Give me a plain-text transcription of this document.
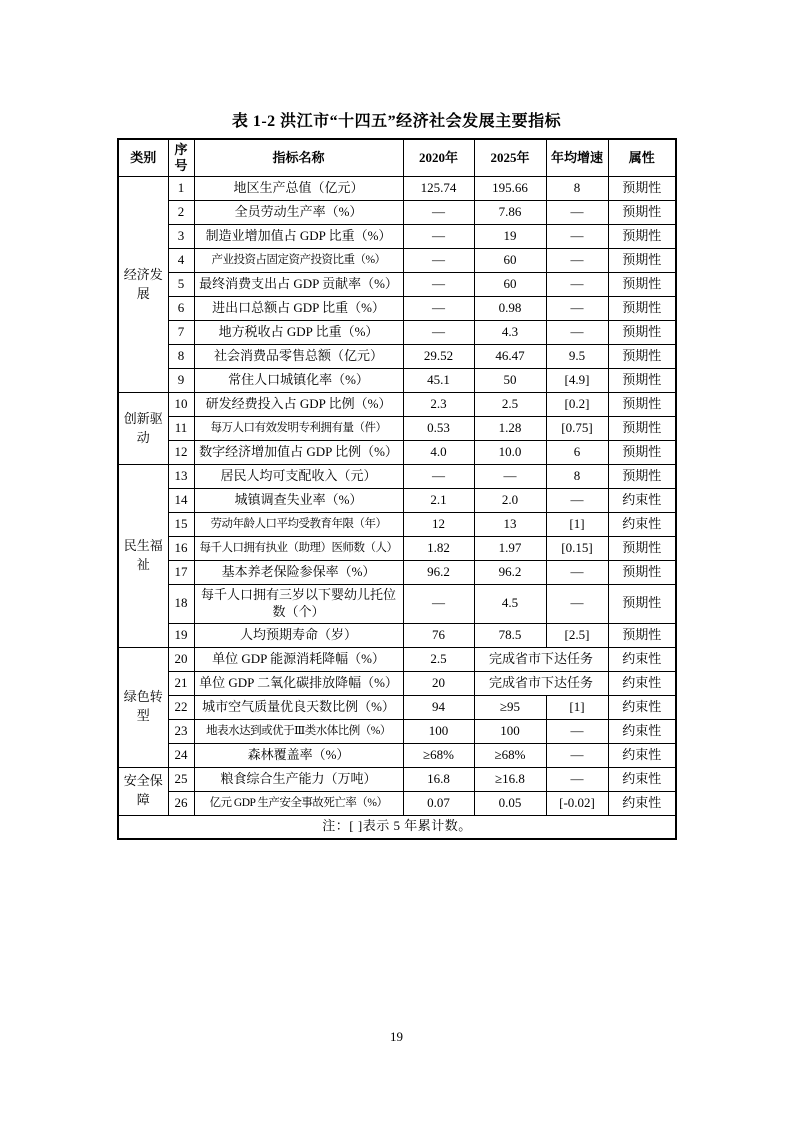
表 1-2 洪江市“十四五”经济社会发展主要指标
类别	序号	指标名称	2020年	2025年	年均增速	属性
经济发展	1	地区生产总值（亿元）	125.74	195.66	8	预期性
	2	全员劳动生产率（%）	—	7.86	—	预期性
	3	制造业增加值占 GDP 比重（%）	—	19	—	预期性
	4	产业投资占固定资产投资比重（%）	—	60	—	预期性
	5	最终消费支出占 GDP 贡献率（%）	—	60	—	预期性
	6	进出口总额占 GDP 比重（%）	—	0.98	—	预期性
	7	地方税收占 GDP 比重（%）	—	4.3	—	预期性
	8	社会消费品零售总额（亿元）	29.52	46.47	9.5	预期性
	9	常住人口城镇化率（%）	45.1	50	[4.9]	预期性
创新驱动	10	研发经费投入占 GDP 比例（%）	2.3	2.5	[0.2]	预期性
	11	每万人口有效发明专利拥有量（件）	0.53	1.28	[0.75]	预期性
	12	数字经济增加值占 GDP 比例（%）	4.0	10.0	6	预期性
民生福祉	13	居民人均可支配收入（元）	—	—	8	预期性
	14	城镇调查失业率（%）	2.1	2.0	—	约束性
	15	劳动年龄人口平均受教育年限（年）	12	13	[1]	约束性
	16	每千人口拥有执业（助理）医师数（人）	1.82	1.97	[0.15]	预期性
	17	基本养老保险参保率（%）	96.2	96.2	—	预期性
	18	每千人口拥有三岁以下婴幼儿托位数（个）	—	4.5	—	预期性
	19	人均预期寿命（岁）	76	78.5	[2.5]	预期性
绿色转型	20	单位 GDP 能源消耗降幅（%）	2.5	完成省市下达任务		约束性
	21	单位 GDP 二氧化碳排放降幅（%）	20	完成省市下达任务		约束性
	22	城市空气质量优良天数比例（%）	94	≥95	[1]	约束性
	23	地表水达到或优于Ⅲ类水体比例（%）	100	100	—	约束性
	24	森林覆盖率（%）	≥68%	≥68%	—	约束性
安全保障	25	粮食综合生产能力（万吨）	16.8	≥16.8	—	约束性
	26	亿元 GDP 生产安全事故死亡率（%）	0.07	0.05	[-0.02]	约束性
注：[ ]表示 5 年累计数。						
19
